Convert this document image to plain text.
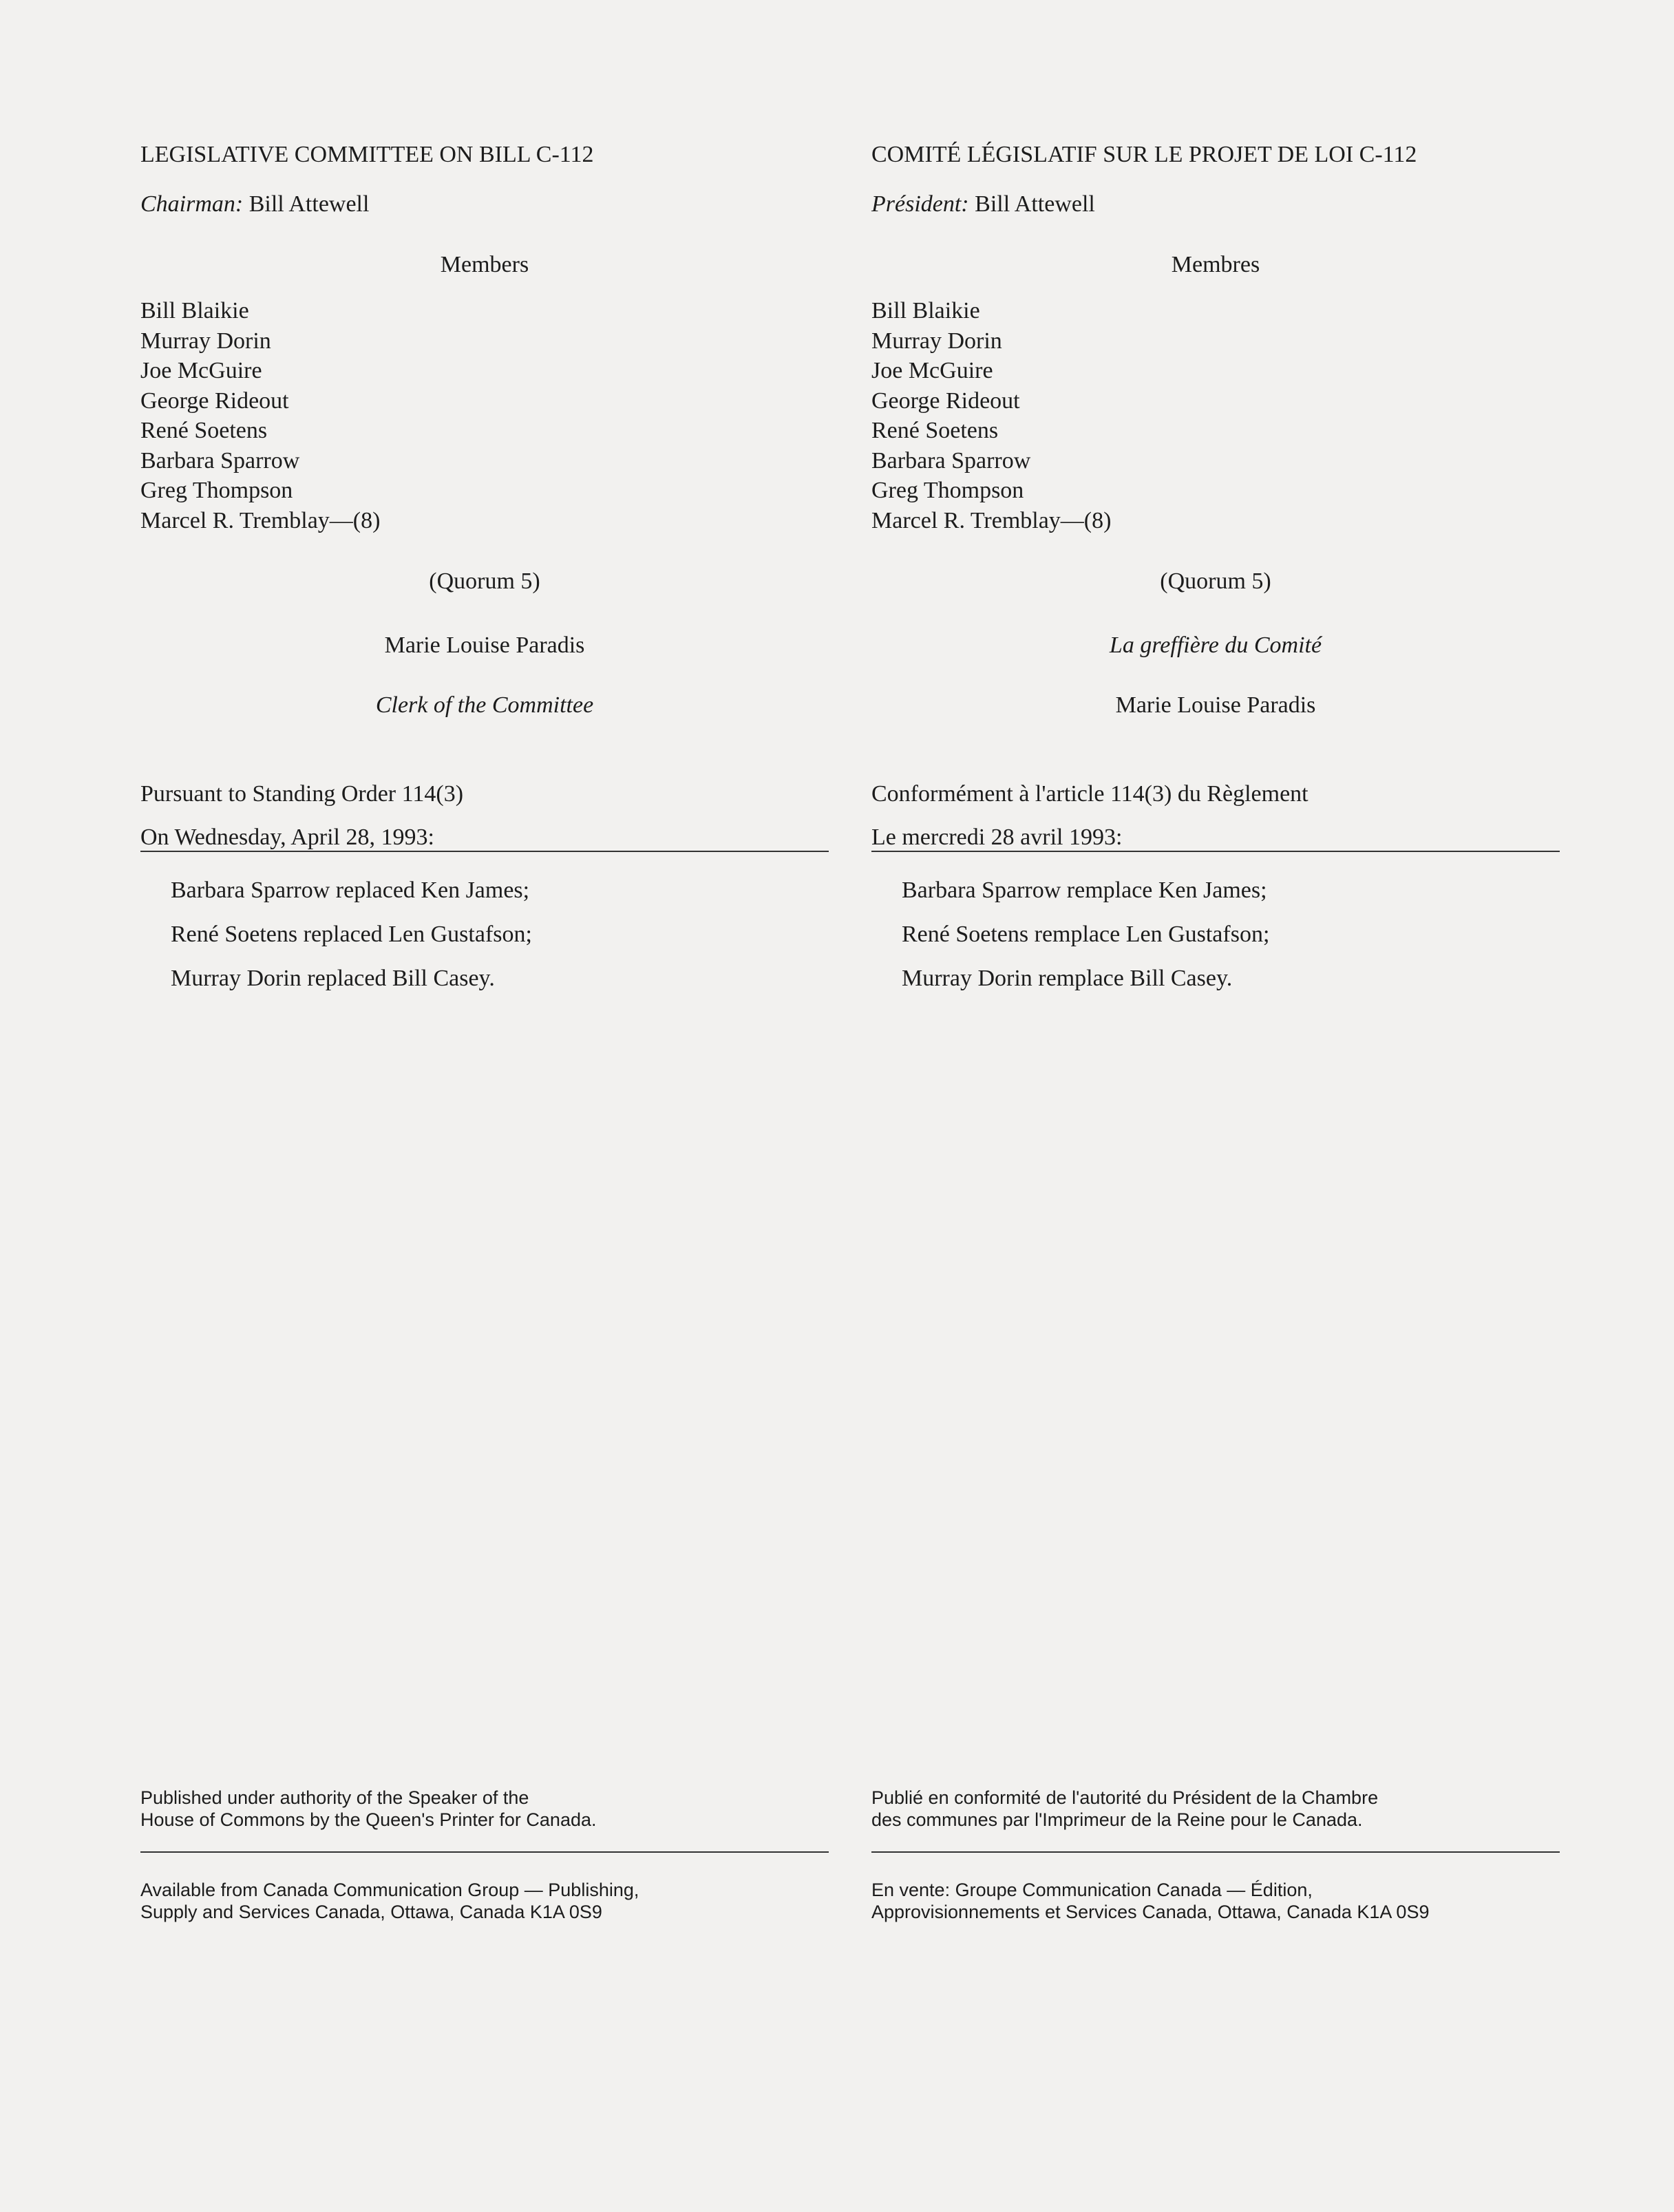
LEGISLATIVE COMMITTEE ON BILL C-112
Chairman: Bill Attewell
Members
Bill Blaikie
Murray Dorin
Joe McGuire
George Rideout
René Soetens
Barbara Sparrow
Greg Thompson
Marcel R. Tremblay—(8)
(Quorum 5)
Marie Louise Paradis
Clerk of the Committee
Pursuant to Standing Order 114(3)
On Wednesday, April 28, 1993:
Barbara Sparrow replaced Ken James;
René Soetens replaced Len Gustafson;
Murray Dorin replaced Bill Casey.
Published under authority of the Speaker of the
House of Commons by the Queen's Printer for Canada.
Available from Canada Communication Group — Publishing,
Supply and Services Canada, Ottawa, Canada K1A 0S9
COMITÉ LÉGISLATIF SUR LE PROJET DE LOI C-112
Président: Bill Attewell
Membres
Bill Blaikie
Murray Dorin
Joe McGuire
George Rideout
René Soetens
Barbara Sparrow
Greg Thompson
Marcel R. Tremblay—(8)
(Quorum 5)
La greffière du Comité
Marie Louise Paradis
Conformément à l'article 114(3) du Règlement
Le mercredi 28 avril 1993:
Barbara Sparrow remplace Ken James;
René Soetens remplace Len Gustafson;
Murray Dorin remplace Bill Casey.
Publié en conformité de l'autorité du Président de la Chambre
des communes par l'Imprimeur de la Reine pour le Canada.
En vente: Groupe Communication Canada — Édition,
Approvisionnements et Services Canada, Ottawa, Canada K1A 0S9
